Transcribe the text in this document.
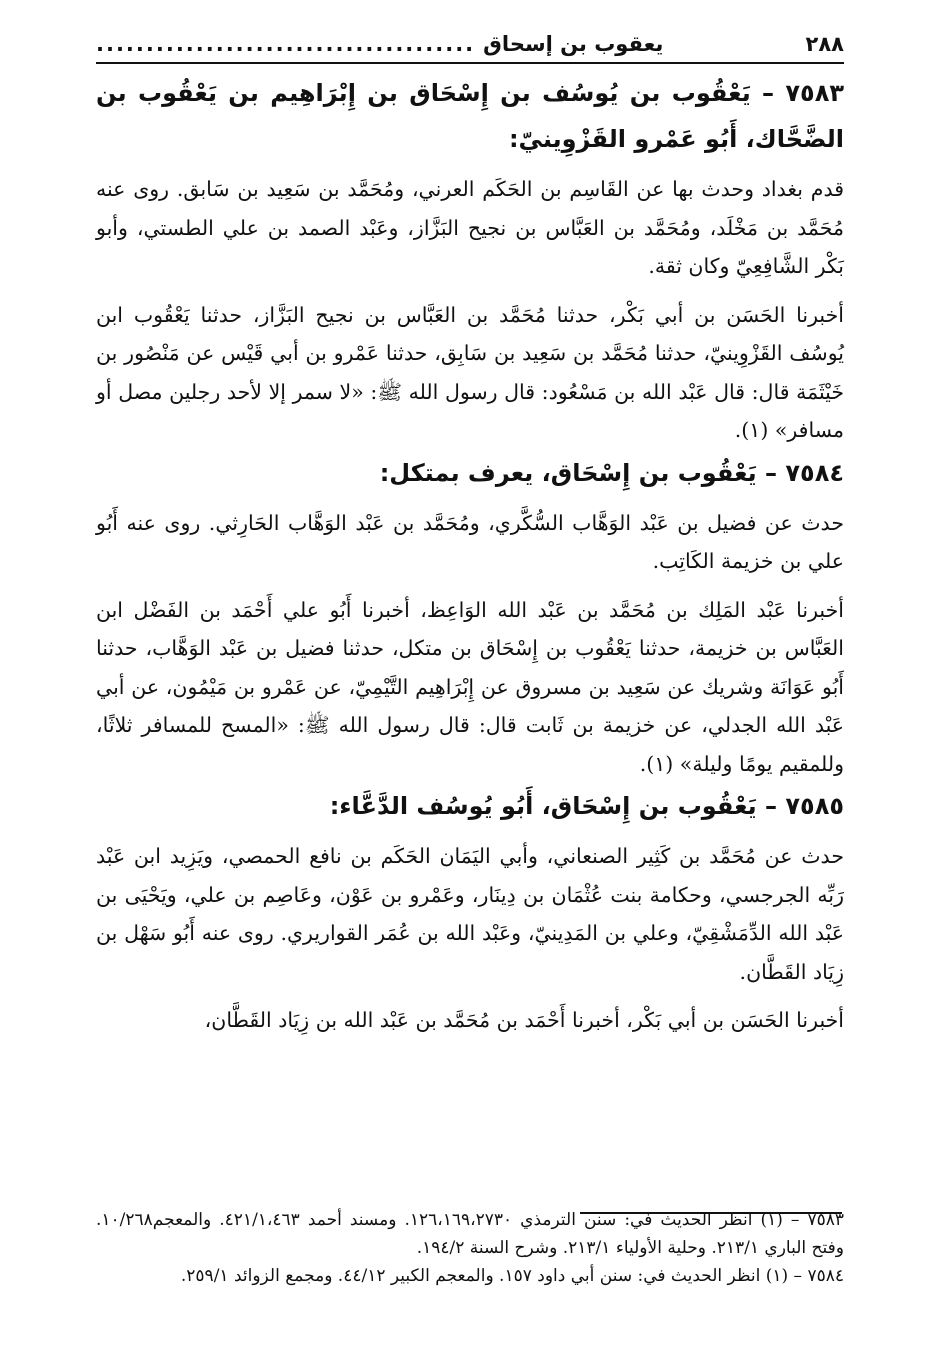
٢٨٨
يعقوب بن إسحاق
......................................
٧٥٨٣ – يَعْقُوب بن يُوسُف بن إِسْحَاق بن إِبْرَاهِيم بن يَعْقُوب بن الضَّحَّاك، أَبُو عَمْرو القَزْوِينيّ:

قدم بغداد وحدث بها عن القَاسِم بن الحَكَم العرني، ومُحَمَّد بن سَعِيد بن سَابق. روى عنه مُحَمَّد بن مَخْلَد، ومُحَمَّد بن العَبَّاس بن نجيح البَزَّاز، وعَبْد الصمد بن علي الطستي، وأبو بَكْر الشَّافِعِيّ وكان ثقة.

أخبرنا الحَسَن بن أبي بَكْر، حدثنا مُحَمَّد بن العَبَّاس بن نجيح البَزَّاز، حدثنا يَعْقُوب ابن يُوسُف القَزْوِينيّ، حدثنا مُحَمَّد بن سَعِيد بن سَابِق، حدثنا عَمْرو بن أبي قَيْس عن مَنْصُور بن خَيْثَمَة قال: قال عَبْد الله بن مَسْعُود: قال رسول الله ﷺ: «لا سمر إلا لأحد رجلين مصل أو مسافر» (١).

٧٥٨٤ – يَعْقُوب بن إِسْحَاق، يعرف بمتكل:

حدث عن فضيل بن عَبْد الوَهَّاب السُّكَّري، ومُحَمَّد بن عَبْد الوَهَّاب الحَارِثي. روى عنه أَبُو علي بن خزيمة الكَاتِب.

أخبرنا عَبْد المَلِك بن مُحَمَّد بن عَبْد الله الوَاعِظ، أخبرنا أَبُو علي أَحْمَد بن الفَضْل ابن العَبَّاس بن خزيمة، حدثنا يَعْقُوب بن إِسْحَاق بن متكل، حدثنا فضيل بن عَبْد الوَهَّاب، حدثنا أَبُو عَوَانَة وشريك عن سَعِيد بن مسروق عن إِبْرَاهِيم التَّيْمِيّ، عن عَمْرو بن مَيْمُون، عن أبي عَبْد الله الجدلي، عن خزيمة بن ثَابت قال: قال رسول الله ﷺ: «المسح للمسافر ثلاثًا، وللمقيم يومًا وليلة» (١).

٧٥٨٥ – يَعْقُوب بن إِسْحَاق، أَبُو يُوسُف الدَّعَّاء:

حدث عن مُحَمَّد بن كَثِير الصنعاني، وأبي اليَمَان الحَكَم بن نافع الحمصي، ويَزِيد ابن عَبْد رَبِّه الجرجسي، وحكامة بنت عُثْمَان بن دِينَار، وعَمْرو بن عَوْن، وعَاصِم بن علي، ويَحْيَى بن عَبْد الله الدِّمَشْقِيّ، وعلي بن المَدِينيّ، وعَبْد الله بن عُمَر القواريري. روى عنه أَبُو سَهْل بن زِيَاد القَطَّان.

أخبرنا الحَسَن بن أبي بَكْر، أخبرنا أَحْمَد بن مُحَمَّد بن عَبْد الله بن زِيَاد القَطَّان،

٧٥٨٣ – (١) انظر الحديث في: سنن الترمذي ١٢٦،١٦٩،٢٧٣٠. ومسند أحمد ٤٢١/١،٤٦٣. والمعجم١٠/٢٦٨. وفتح الباري ٢١٣/١. وحلية الأولياء ٢١٣/١. وشرح السنة ١٩٤/٢.

٧٥٨٤ – (١) انظر الحديث في: سنن أبي داود ١٥٧. والمعجم الكبير ٤٤/١٢. ومجمع الزوائد ٢٥٩/١.
